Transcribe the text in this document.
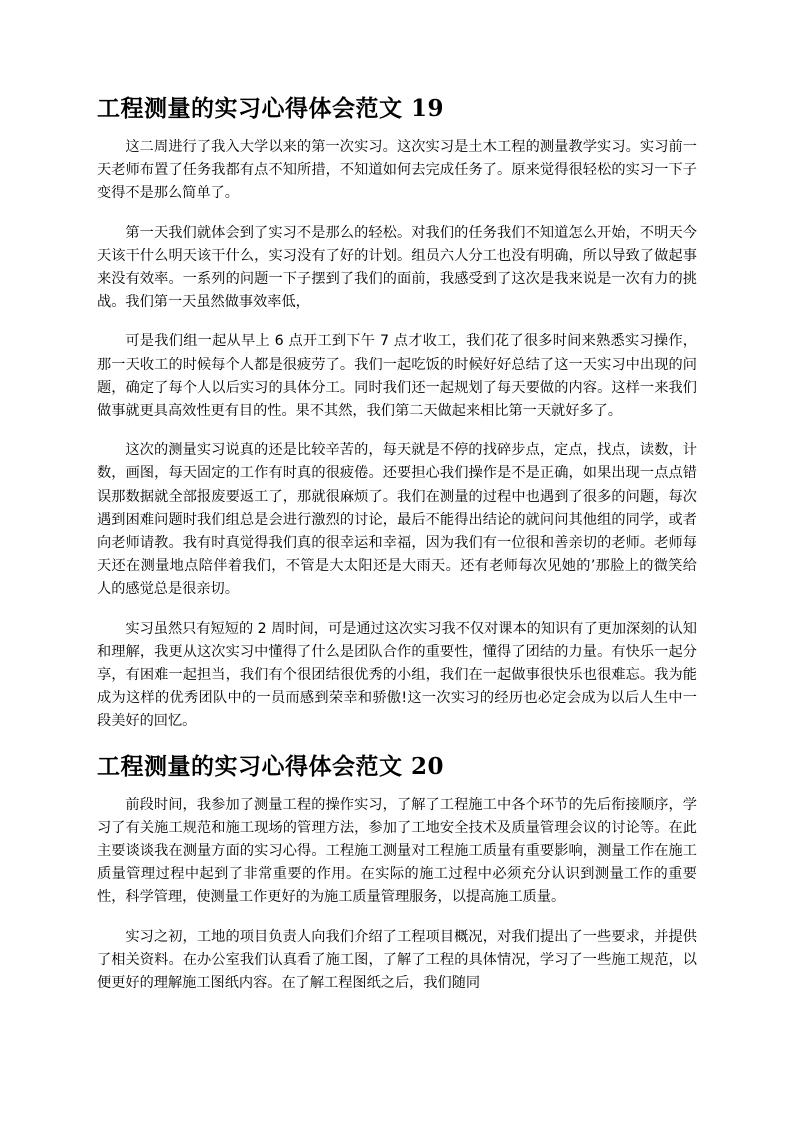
工程测量的实习心得体会范文 19

这二周进行了我入大学以来的第一次实习。这次实习是土木工程的测量教学实习。实习前一天老师布置了任务我都有点不知所措，不知道如何去完成任务了。原来觉得很轻松的实习一下子变得不是那么简单了。

第一天我们就体会到了实习不是那么的轻松。对我们的任务我们不知道怎么开始，不明天今天该干什么明天该干什么，实习没有了好的计划。组员六人分工也没有明确，所以导致了做起事来没有效率。一系列的问题一下子摆到了我们的面前，我感受到了这次是我来说是一次有力的挑战。我们第一天虽然做事效率低，

可是我们组一起从早上 6 点开工到下午 7 点才收工，我们花了很多时间来熟悉实习操作，那一天收工的时候每个人都是很疲劳了。我们一起吃饭的时候好好总结了这一天实习中出现的问题，确定了每个人以后实习的具体分工。同时我们还一起规划了每天要做的内容。这样一来我们做事就更具高效性更有目的性。果不其然，我们第二天做起来相比第一天就好多了。

这次的测量实习说真的还是比较辛苦的，每天就是不停的找碎步点，定点，找点，读数，计数，画图，每天固定的工作有时真的很疲倦。还要担心我们操作是不是正确，如果出现一点点错误那数据就全部报废要返工了，那就很麻烦了。我们在测量的过程中也遇到了很多的问题，每次遇到困难问题时我们组总是会进行激烈的讨论，最后不能得出结论的就问问其他组的同学，或者向老师请教。我有时真觉得我们真的很幸运和幸福，因为我们有一位很和善亲切的老师。老师每天还在测量地点陪伴着我们，不管是大太阳还是大雨天。还有老师每次见她的’那脸上的微笑给人的感觉总是很亲切。

实习虽然只有短短的 2 周时间，可是通过这次实习我不仅对课本的知识有了更加深刻的认知和理解，我更从这次实习中懂得了什么是团队合作的重要性，懂得了团结的力量。有快乐一起分享，有困难一起担当，我们有个很团结很优秀的小组，我们在一起做事很快乐也很难忘。我为能成为这样的优秀团队中的一员而感到荣幸和骄傲!这一次实习的经历也必定会成为以后人生中一段美好的回忆。

工程测量的实习心得体会范文 20

前段时间，我参加了测量工程的操作实习，了解了工程施工中各个环节的先后衔接顺序，学习了有关施工规范和施工现场的管理方法，参加了工地安全技术及质量管理会议的讨论等。在此主要谈谈我在测量方面的实习心得。工程施工测量对工程施工质量有重要影响，测量工作在施工质量管理过程中起到了非常重要的作用。在实际的施工过程中必须充分认识到测量工作的重要性，科学管理，使测量工作更好的为施工质量管理服务，以提高施工质量。

实习之初，工地的项目负责人向我们介绍了工程项目概况，对我们提出了一些要求，并提供了相关资料。在办公室我们认真看了施工图，了解了工程的具体情况，学习了一些施工规范，以便更好的理解施工图纸内容。在了解工程图纸之后，我们随同
